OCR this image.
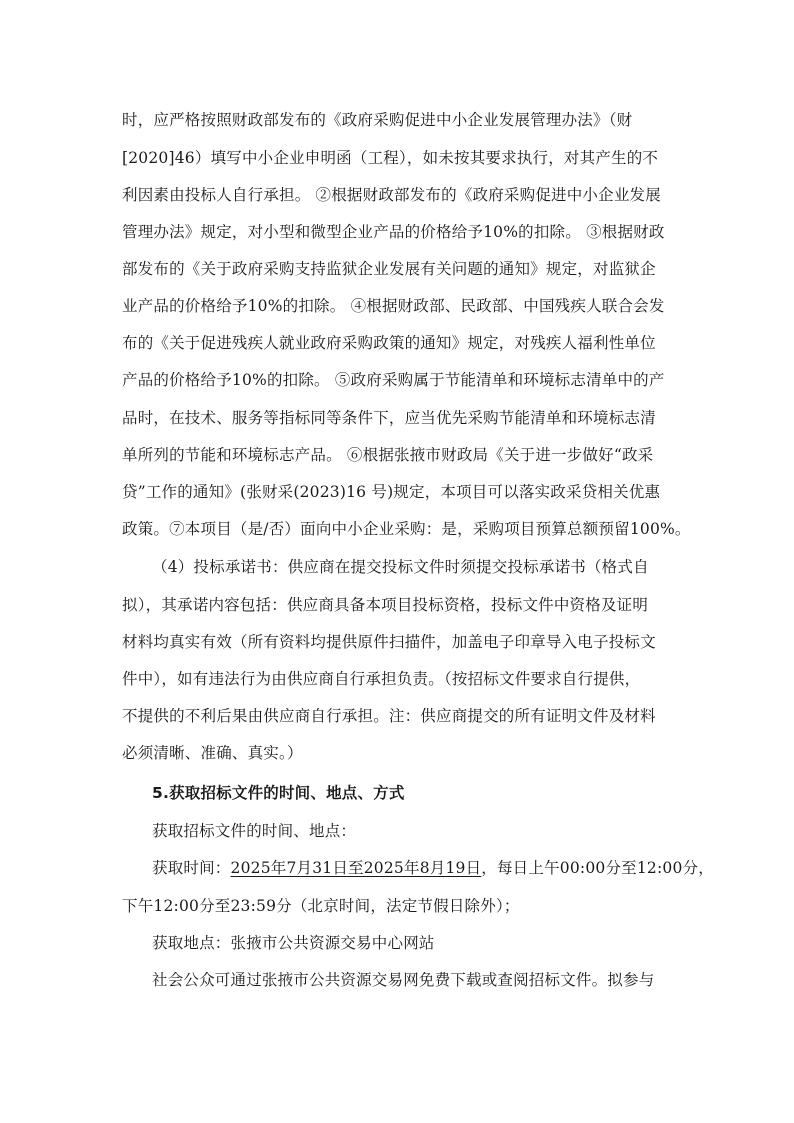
时，应严格按照财政部发布的《政府采购促进中小企业发展管理办法》（财
[2020]46）填写中小企业申明函（工程），如未按其要求执行，对其产生的不
利因素由投标人自行承担。 ②根据财政部发布的《政府采购促进中小企业发展
管理办法》规定，对小型和微型企业产品的价格给予10%的扣除。 ③根据财政
部发布的《关于政府采购支持监狱企业发展有关问题的通知》规定，对监狱企
业产品的价格给予10%的扣除。 ④根据财政部、民政部、中国残疾人联合会发
布的《关于促进残疾人就业政府采购政策的通知》规定，对残疾人福利性单位
产品的价格给予10%的扣除。 ⑤政府采购属于节能清单和环境标志清单中的产
品时，在技术、服务等指标同等条件下，应当优先采购节能清单和环境标志清
单所列的节能和环境标志产品。 ⑥根据张掖市财政局《关于进一步做好“政采
贷”工作的通知》(张财采(2023)16 号)规定，本项目可以落实政采贷相关优惠
政策。⑦本项目（是/否）面向中小企业采购：是，采购项目预算总额预留100%。
（4）投标承诺书：供应商在提交投标文件时须提交投标承诺书（格式自
拟），其承诺内容包括：供应商具备本项目投标资格，投标文件中资格及证明
材料均真实有效（所有资料均提供原件扫描件，加盖电子印章导入电子投标文
件中），如有违法行为由供应商自行承担负责。（按招标文件要求自行提供，
不提供的不利后果由供应商自行承担。注：供应商提交的所有证明文件及材料
必须清晰、准确、真实。）
5.获取招标文件的时间、地点、方式
获取招标文件的时间、地点：
获取时间：2025年7月31日至2025年8月19日，每日上午00:00分至12:00分，
下午12:00分至23:59分（北京时间，法定节假日除外）；
获取地点：张掖市公共资源交易中心网站
社会公众可通过张掖市公共资源交易网免费下载或查阅招标文件。拟参与
